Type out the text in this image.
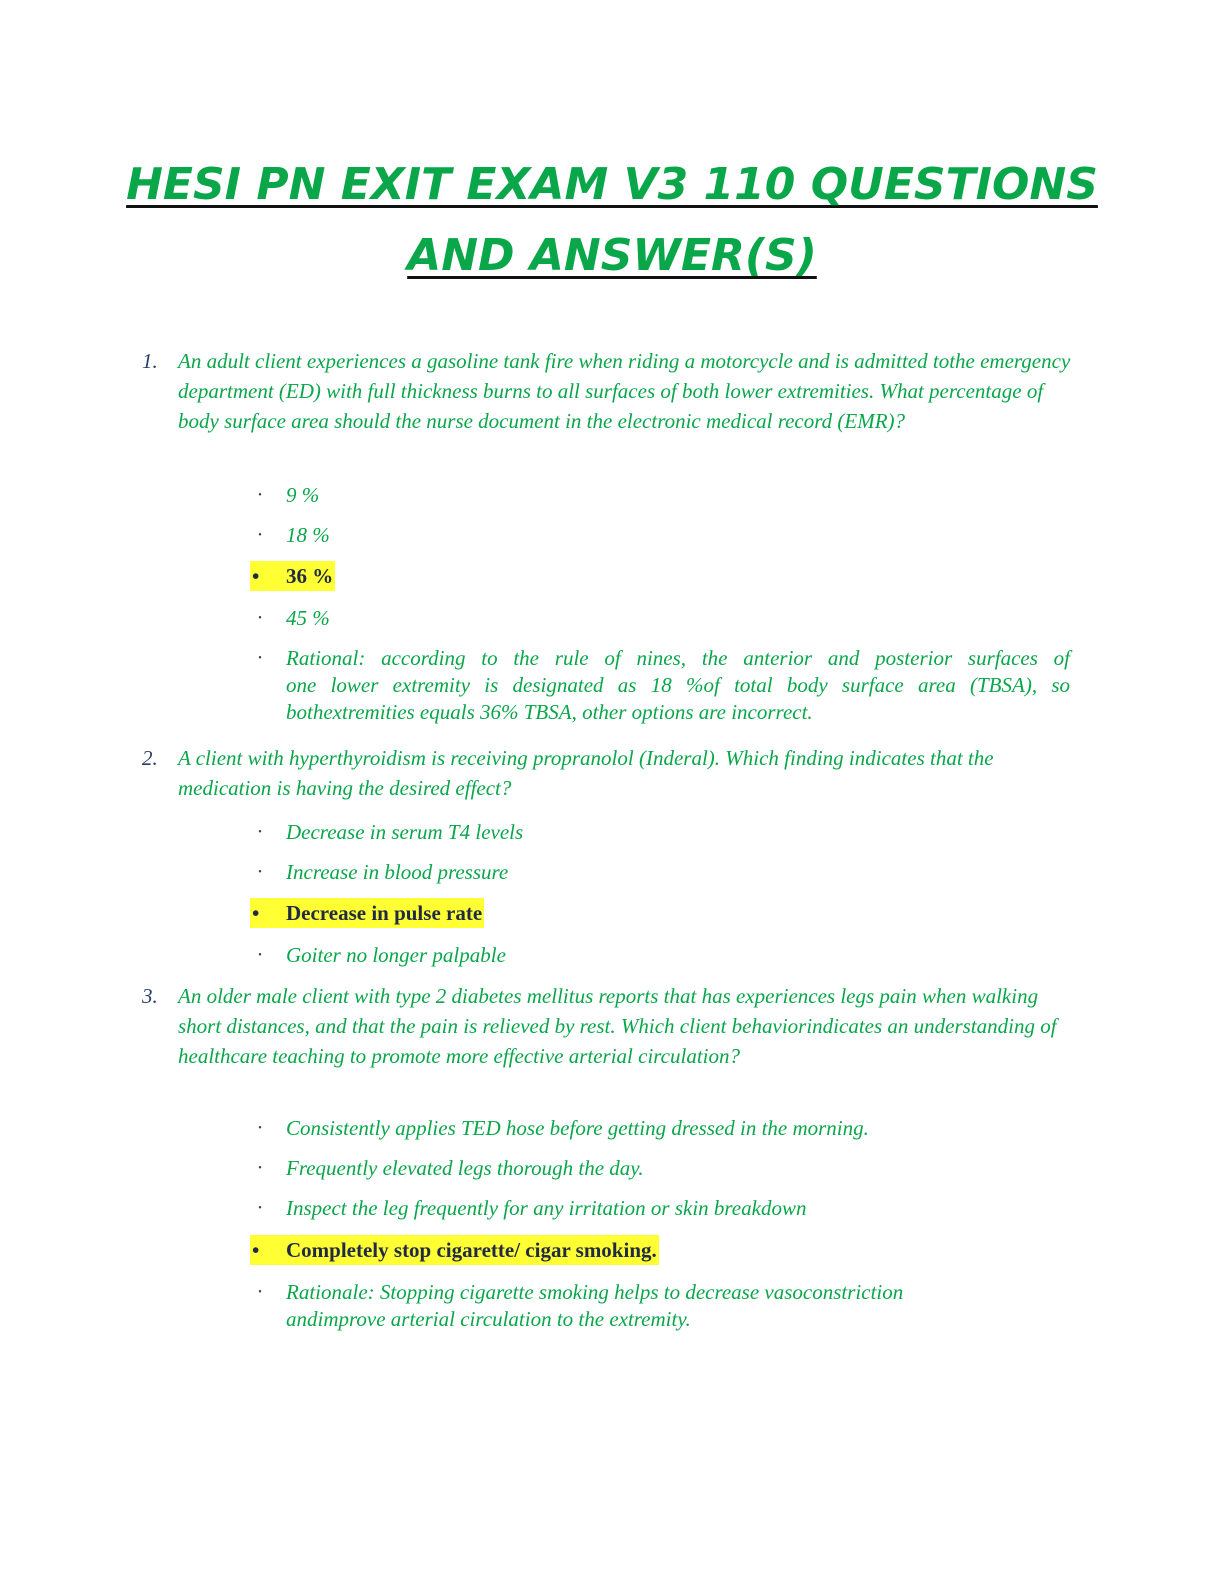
HESI PN EXIT EXAM V3 110 QUESTIONS
AND ANSWER(S)
1. An adult client experiences a gasoline tank fire when riding a motorcycle and is admitted tothe emergency department (ED) with full thickness burns to all surfaces of both lower extremities. What percentage of body surface area should the nurse document in the electronic medical record (EMR)?
•	9 %
•	18 %
• 36 %
•	45 %
•	Rational: according to the rule of nines, the anterior and posterior surfaces of
one lower extremity is designated as 18 %of total body surface area (TBSA), so
bothextremities equals 36% TBSA, other options are incorrect.
2. A client with hyperthyroidism is receiving propranolol (Inderal). Which finding indicates that the medication is having the desired effect?
•	Decrease in serum T4 levels
•	Increase in blood pressure
• Decrease in pulse rate
•	Goiter no longer palpable
3. An older male client with type 2 diabetes mellitus reports that has experiences legs pain when walking short distances, and that the pain is relieved by rest. Which client behaviorindicates an understanding of healthcare teaching to promote more effective arterial circulation?
•	Consistently applies TED hose before getting dressed in the morning.
•	Frequently elevated legs thorough the day.
•	Inspect the leg frequently for any irritation or skin breakdown
• Completely stop cigarette/ cigar smoking.
•	Rationale: Stopping cigarette smoking helps to decrease vasoconstriction
andimprove arterial circulation to the extremity.
